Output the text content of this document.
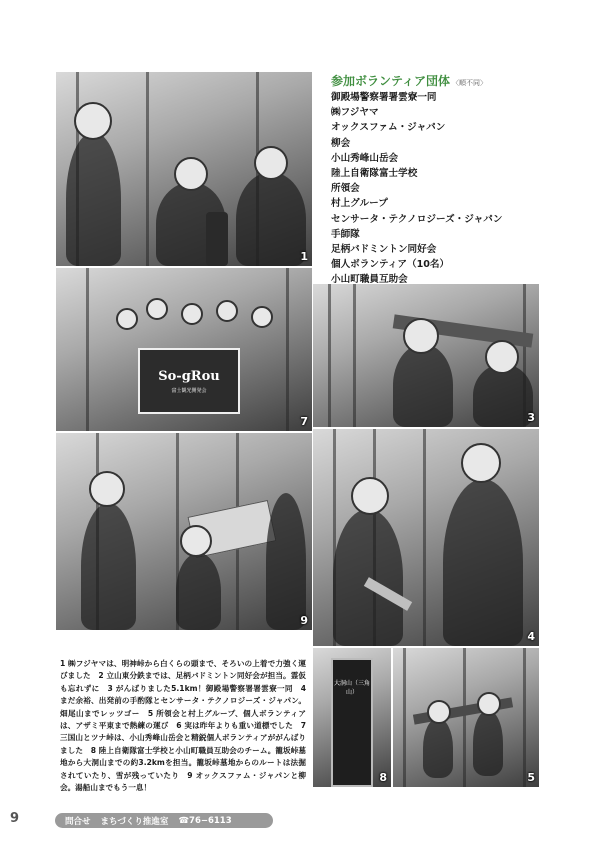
1
So-gRou
富士観光開発会
7	3
9
4
大洞山（三角山）
8	5
参加ボランティア団体 〈順不同〉
御殿場警察署署雲寮一同
㈱フジヤマ
オックスファム・ジャパン
柳会
小山秀峰山岳会
陸上自衛隊富士学校
所領会
村上グループ
センサータ・テクノロジーズ・ジャパン
手師隊
足柄バドミントン同好会
個人ボランティア（10名）
小山町職員互助会
1 ㈱フジヤマは、明神峠から白くらの頭まで、そろいの上着で力強く運びました　2 立山東分鉄までは、足柄バドミントン同好会が担当。霊仮も忘れずに　3 がんばりました5.1km！御殿場警察署署雲寮一同　4 まだ余裕、出発前の手酌隊とセンサータ・テクノロジーズ・ジャパン。畑尾山までレッツゴー　5 所領会と村上グループ、個人ボランティアは、アザミ平東まで熱練の運び　6 実は昨年よりも重い道標でした　7 三国山とツナ峠は、小山秀峰山岳会と精鋭個人ボランティアががんばりました　8 陸上自衛隊富士学校と小山町職員互助会のチーム。籠坂峠墓地から大洞山までの約3.2kmを担当。籠坂峠墓地からのルートは法掘されていたり、雪が残っていたり　9 オックスファム・ジャパンと柳会。湯船山までもう一息！
9	問合せ まちづくり推進室 ☎76−6113
